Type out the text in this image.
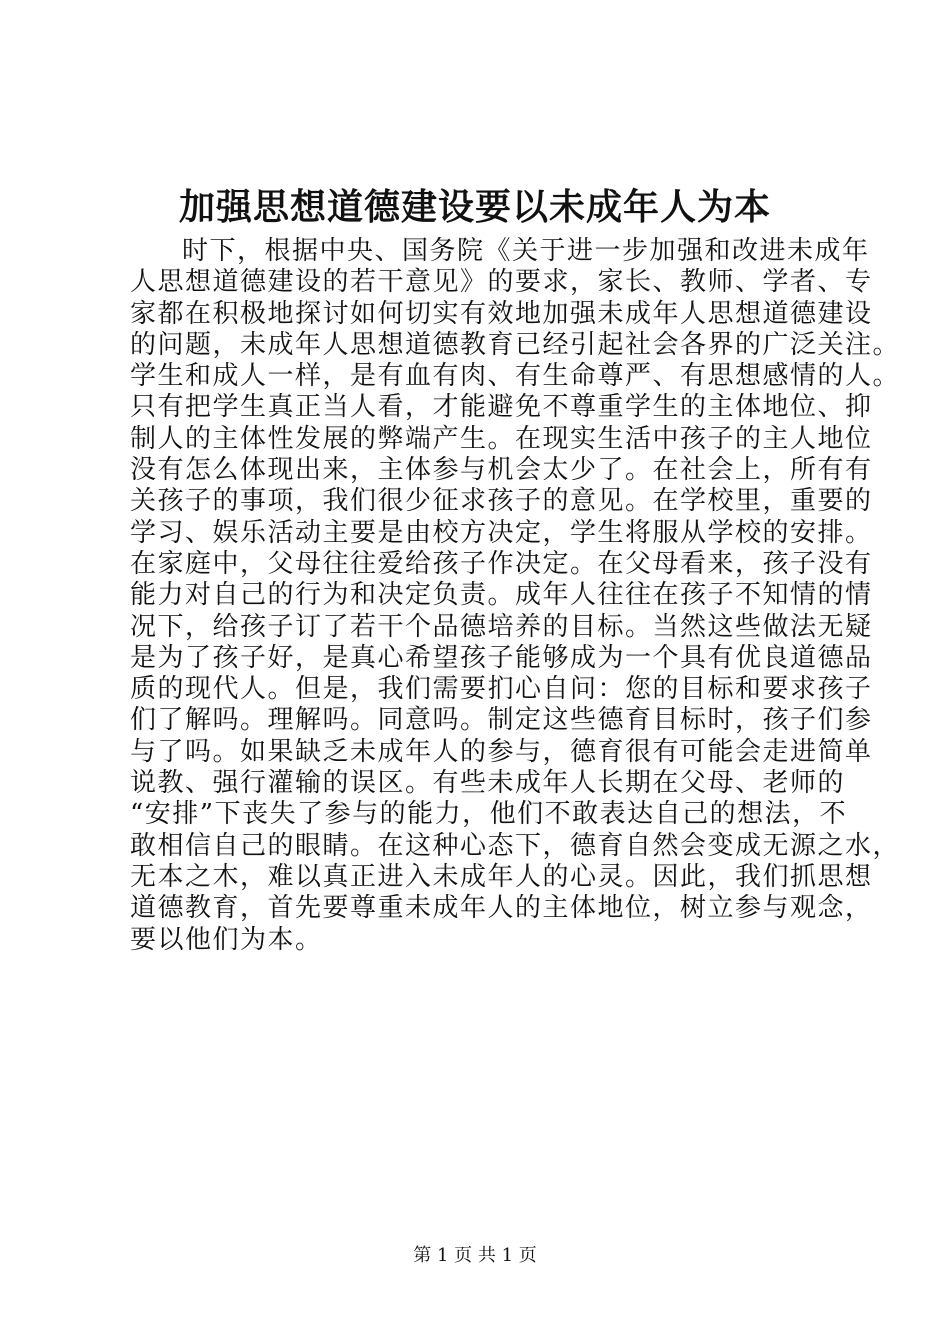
加强思想道德建设要以未成年人为本
时下，根据中央、国务院《关于进一步加强和改进未成年
人思想道德建设的若干意见》的要求，家长、教师、学者、专
家都在积极地探讨如何切实有效地加强未成年人思想道德建设
的问题，未成年人思想道德教育已经引起社会各界的广泛关注。
学生和成人一样，是有血有肉、有生命尊严、有思想感情的人。
只有把学生真正当人看，才能避免不尊重学生的主体地位、抑
制人的主体性发展的弊端产生。在现实生活中孩子的主人地位
没有怎么体现出来，主体参与机会太少了。在社会上，所有有
关孩子的事项，我们很少征求孩子的意见。在学校里，重要的
学习、娱乐活动主要是由校方决定，学生将服从学校的安排。
在家庭中，父母往往爱给孩子作决定。在父母看来，孩子没有
能力对自己的行为和决定负责。成年人往往在孩子不知情的情
况下，给孩子订了若干个品德培养的目标。当然这些做法无疑
是为了孩子好，是真心希望孩子能够成为一个具有优良道德品
质的现代人。但是，我们需要扪心自问：您的目标和要求孩子
们了解吗。理解吗。同意吗。制定这些德育目标时，孩子们参
与了吗。如果缺乏未成年人的参与，德育很有可能会走进简单
说教、强行灌输的误区。有些未成年人长期在父母、老师的
“安排”下丧失了参与的能力，他们不敢表达自己的想法，不
敢相信自己的眼睛。在这种心态下，德育自然会变成无源之水，
无本之木，难以真正进入未成年人的心灵。因此，我们抓思想
道德教育，首先要尊重未成年人的主体地位，树立参与观念，
要以他们为本。
第 1 页 共 1 页
